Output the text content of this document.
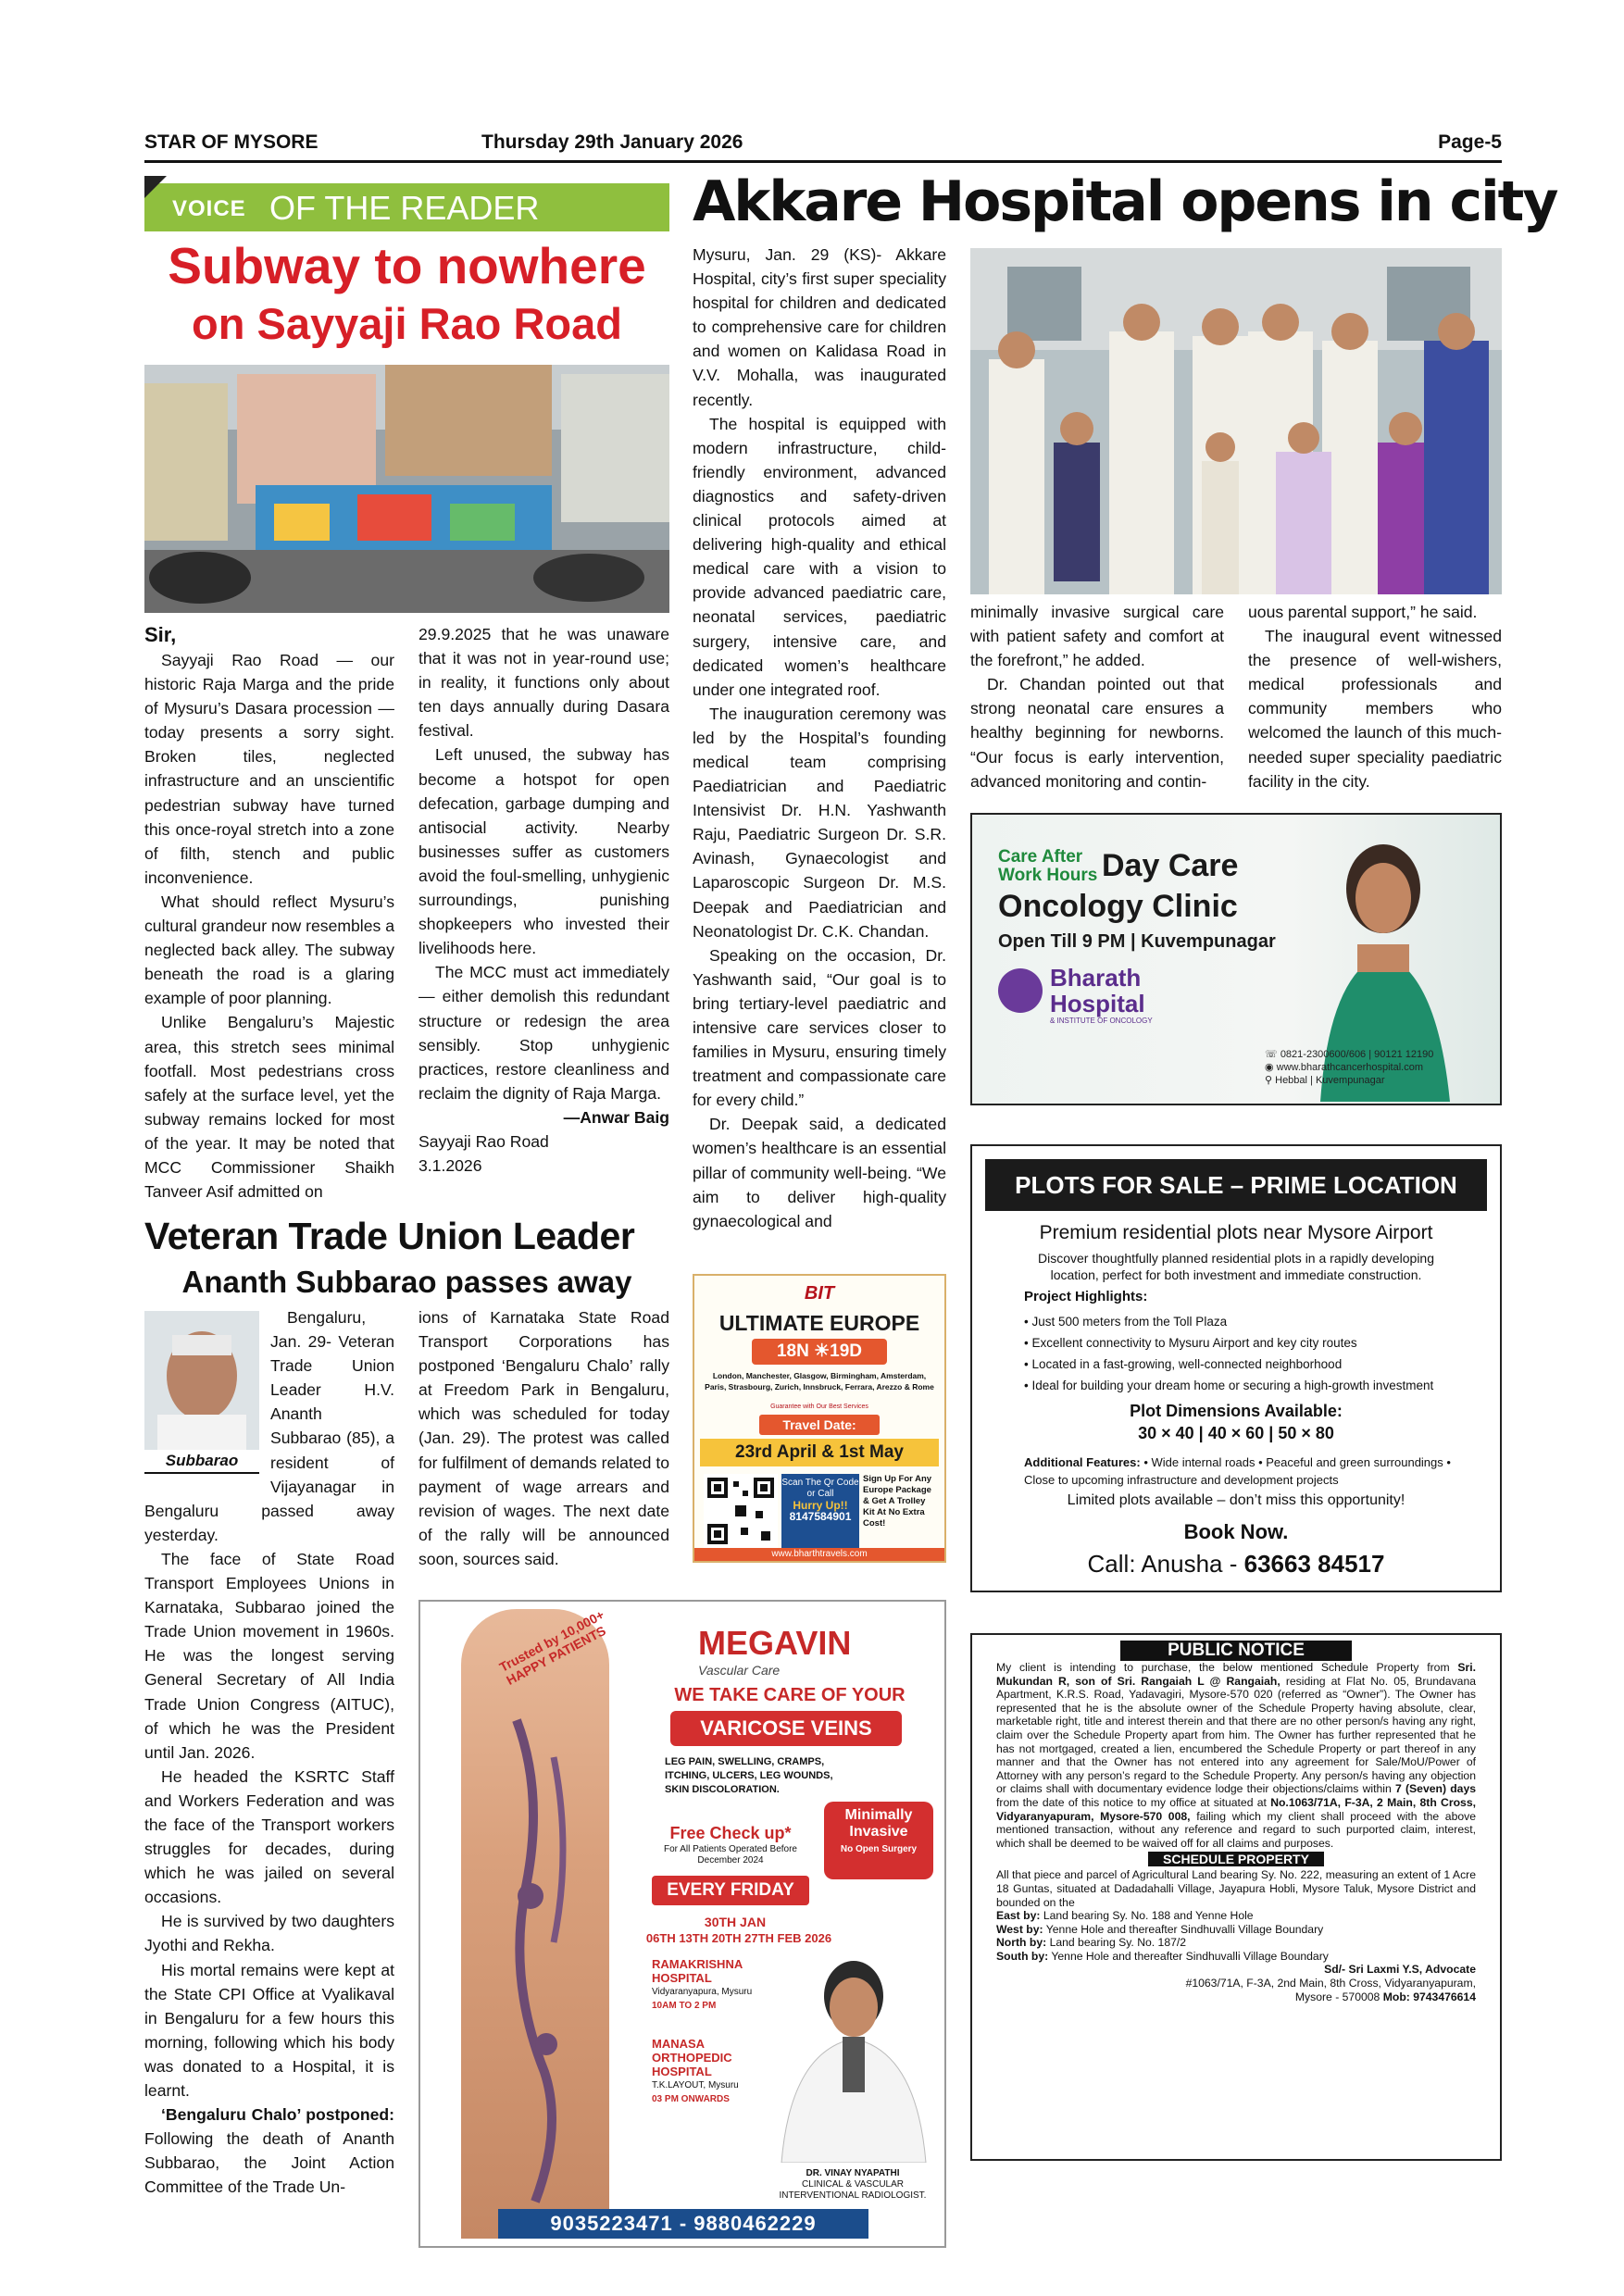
STAR OF MYSORE	Thursday 29th January 2026	Page-5
VOICE OF THE READER
Subway to nowhere
on Sayyaji Rao Road

Sir,

Sayyaji Rao Road — our historic Raja Marga and the pride of Mysuru’s Dasara procession — today presents a sorry sight. Broken tiles, neglected infrastructure and an unscientific pedestrian subway have turned this once-royal stretch into a zone of filth, stench and public inconvenience.

What should reflect Mysuru’s cultural grandeur now resembles a neglected back alley. The subway beneath the road is a glaring example of poor planning.

Unlike Bengaluru’s Majestic area, this stretch sees minimal footfall. Most pedestrians cross safely at the surface level, yet the subway remains locked for most of the year. It may be noted that MCC Commissioner Shaikh Tanveer Asif admitted on

29.9.2025 that he was unaware that it was not in year-round use; in reality, it functions only about ten days annually during Dasara festival.

Left unused, the subway has become a hotspot for open defecation, garbage dumping and antisocial activity. Nearby businesses suffer as customers avoid the foul-smelling, unhygienic surroundings, punishing shopkeepers who invested their livelihoods here.

The MCC must act immediately — either demolish this redundant structure or redesign the area sensibly. Stop unhygienic practices, restore cleanliness and reclaim the dignity of Raja Marga.

—Anwar Baig

Sayyaji Rao Road

3.1.2026

Akkare Hospital opens in city

Mysuru, Jan. 29 (KS)- Akkare Hospital, city’s first super speciality hospital for children and dedicated to comprehensive care for children and women on Kalidasa Road in V.V. Mohalla, was inaugurated recently.

The hospital is equipped with modern infrastructure, child-friendly environment, advanced diagnostics and safety-driven clinical protocols aimed at delivering high-quality and ethical medical care with a vision to provide advanced paediatric care, neonatal services, paediatric surgery, intensive care, and dedicated women’s healthcare under one integrated roof.

The inauguration ceremony was led by the Hospital’s founding medical team comprising Paediatrician and Paediatric Intensivist Dr. H.N. Yashwanth Raju, Paediatric Surgeon Dr. S.R. Avinash, Gynaecologist and Laparoscopic Surgeon Dr. M.S. Deepak and Paediatrician and Neonatologist Dr. C.K. Chandan.

Speaking on the occasion, Dr. Yashwanth said, “Our goal is to bring tertiary-level paediatric and intensive care services closer to families in Mysuru, ensuring timely treatment and compassionate care for every child.”

Dr. Deepak said, a dedicated women’s healthcare is an essential pillar of community well-being. “We aim to deliver high-quality gynaecological and

minimally invasive surgical care with patient safety and comfort at the forefront,” he added.

Dr. Chandan pointed out that strong neonatal care ensures a healthy beginning for newborns. “Our focus is early intervention, advanced monitoring and contin-

uous parental support,” he said.

The inaugural event witnessed the presence of well-wishers, medical professionals and community members who welcomed the launch of this much-needed super speciality paediatric facility in the city.

Veteran Trade Union Leader
Ananth Subbarao passes away
Subbarao

Bengaluru, Jan. 29- Veteran Trade Union Leader H.V. Ananth Subbarao (85), a resident of Vijayanagar in Bengaluru passed away yesterday.

The face of State Road Transport Employees Unions in Karnataka, Subbarao joined the Trade Union movement in 1960s. He was the longest serving General Secretary of All India Trade Union Congress (AITUC), of which he was the President until Jan. 2026.

He headed the KSRTC Staff and Workers Federation and was the face of the Transport workers struggles for decades, during which he was jailed on several occasions.

He is survived by two daughters Jyothi and Rekha.

His mortal remains were kept at the State CPI Office at Vyalikaval in Bengaluru for a few hours this morning, following which his body was donated to a Hospital, it is learnt.

‘Bengaluru Chalo’ postponed: Following the death of Ananth Subbarao, the Joint Action Committee of the Trade Un-

ions of Karnataka State Road Transport Corporations has postponed ‘Bengaluru Chalo’ rally at Freedom Park in Bengaluru, which was scheduled for today (Jan. 29). The protest was called for fulfilment of demands related to payment of wage arrears and revision of wages. The next date of the rally will be announced soon, sources said.

Care After
Work Hours Day Care
Oncology Clinic
Open Till 9 PM | Kuvempunagar
Bharath
Hospital
& INSTITUTE OF ONCOLOGY
☏ 0821-2300600/606 | 90121 12190
◉ www.bharathcancerhospital.com
⚲ Hebbal | Kuvempunagar
PLOTS FOR SALE – PRIME LOCATION
Premium residential plots near Mysore Airport
Discover thoughtfully planned residential plots in a rapidly developing location, perfect for both investment and immediate construction.
Project Highlights:
• Just 500 meters from the Toll Plaza
• Excellent connectivity to Mysuru Airport and key city routes
• Located in a fast-growing, well-connected neighborhood
• Ideal for building your dream home or securing a high-growth investment
Plot Dimensions Available:
30 × 40 | 40 × 60 | 50 × 80
Additional Features: • Wide internal roads • Peaceful and green surroundings • Close to upcoming infrastructure and development projects
Limited plots available – don’t miss this opportunity!
Book Now.
Call: Anusha - 63663 84517
BIT
ULTIMATE EUROPE
18N ☀19D
London, Manchester, Glasgow, Birmingham, Amsterdam, Paris, Strasbourg, Zurich, Innsbruck, Ferrara, Arezzo & Rome
Guarantee with Our Best Services
Travel Date:
23rd April & 1st May
Scan The Qr Code or Call
Hurry Up!!
8147584901
Sign Up For Any Europe Package & Get A Trolley Kit At No Extra Cost!
www.bharthtravels.com
Trusted by 10,000+ HAPPY PATIENTS	MEGAVIN
Vascular Care
WE TAKE CARE OF YOUR
VARICOSE VEINS
LEG PAIN, SWELLING, CRAMPS, ITCHING, ULCERS, LEG WOUNDS, SKIN DISCOLORATION.
Free Check up*
For All Patients Operated Before December 2024
Minimally
Invasive
No Open Surgery
EVERY FRIDAY
30TH JAN
06TH 13TH 20TH 27TH FEB 2026
RAMAKRISHNA HOSPITAL
Vidyaranyapura, Mysuru
10AM TO 2 PM
MANASA ORTHOPEDIC HOSPITAL
T.K.LAYOUT, Mysuru
03 PM ONWARDS
DR. VINAY NYAPATHI
CLINICAL & VASCULAR INTERVENTIONAL RADIOLOGIST.
9035223471 - 9880462229
PUBLIC NOTICE
My client is intending to purchase, the below mentioned Schedule Property from Sri. Mukundan R, son of Sri. Rangaiah L @ Rangaiah, residing at Flat No. 05, Brundavana Apartment, K.R.S. Road, Yadavagiri, Mysore-570 020 (referred as “Owner”). The Owner has represented that he is the absolute owner of the Schedule Property having absolute, clear, marketable right, title and interest therein and that there are no other person/s having any right, claim over the Schedule Property apart from him. The Owner has further represented that he has not mortgaged, created a lien, encumbered the Schedule Property or part thereof in any manner and that the Owner has not entered into any agreement for Sale/MoU/Power of Attorney with any person’s regard to the Schedule Property. Any person/s having any objection or claims shall with documentary evidence lodge their objections/claims within 7 (Seven) days from the date of this notice to my office at situated at No.1063/71A, F-3A, 2 Main, 8th Cross, Vidyaranyapuram, Mysore-570 008, failing which my client shall proceed with the above mentioned transaction, without any reference and regard to such purported claim, interest, which shall be deemed to be waived off for all claims and purposes.
SCHEDULE PROPERTY
All that piece and parcel of Agricultural Land bearing Sy. No. 222, measuring an extent of 1 Acre 18 Guntas, situated at Dadadahalli Village, Jayapura Hobli, Mysore Taluk, Mysore District and bounded on the
East by: Land bearing Sy. No. 188 and Yenne Hole
West by: Yenne Hole and thereafter Sindhuvalli Village Boundary
North by: Land bearing Sy. No. 187/2
South by: Yenne Hole and thereafter Sindhuvalli Village Boundary
Sd/- Sri Laxmi Y.S, Advocate
#1063/71A, F-3A, 2nd Main, 8th Cross, Vidyaranyapuram,
Mysore - 570008 Mob: 9743476614
